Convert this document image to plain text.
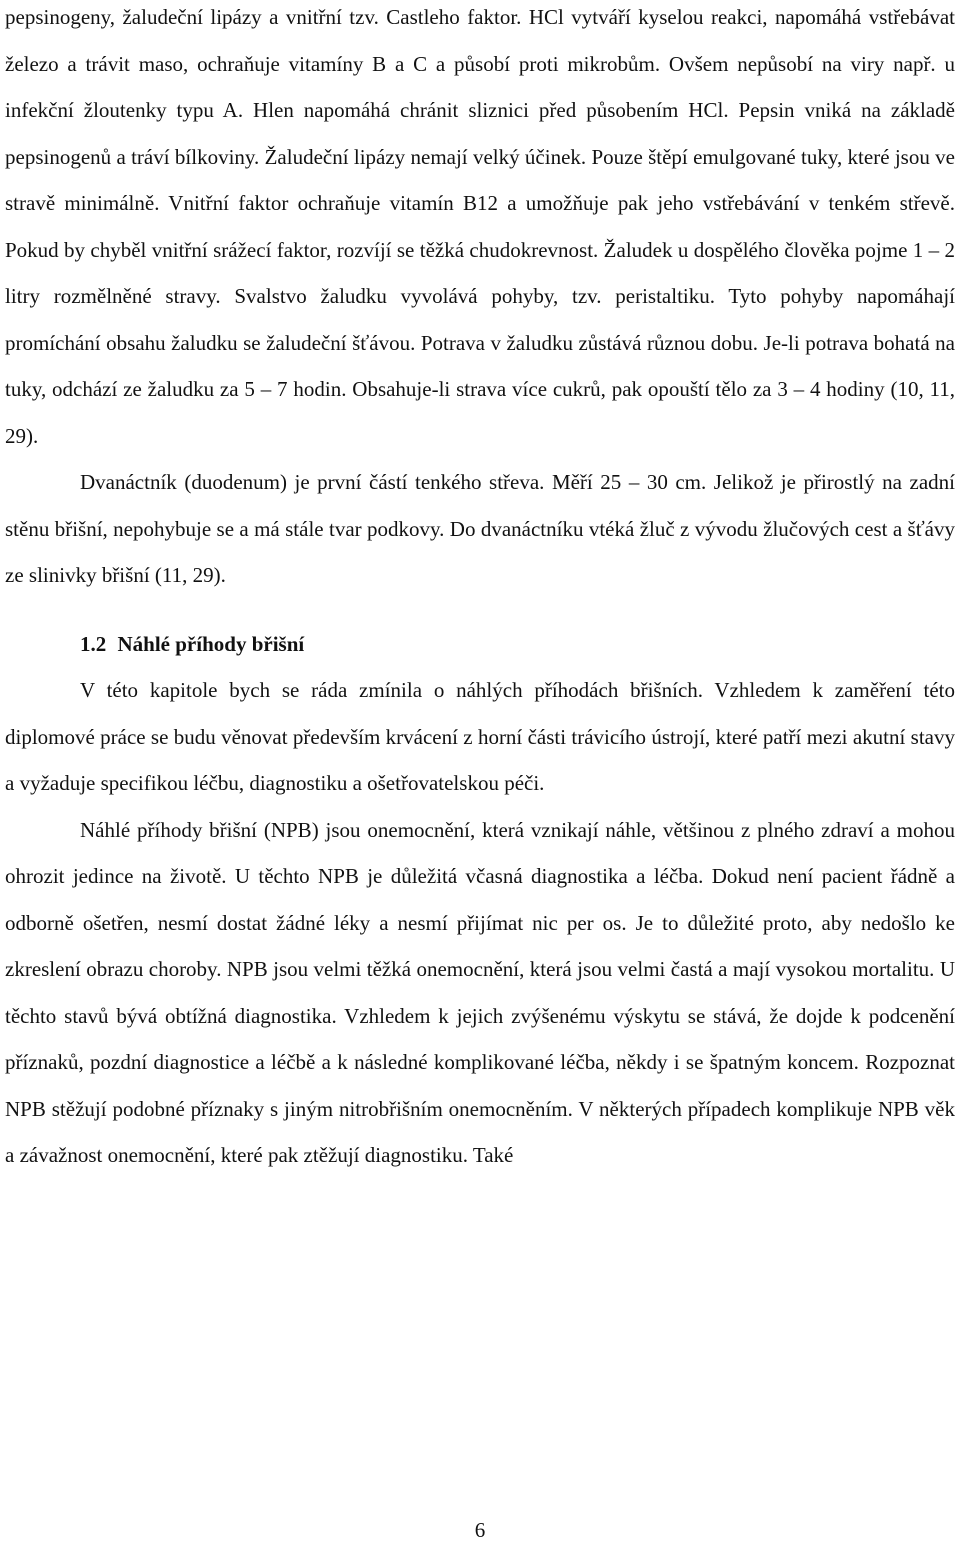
pepsinogeny, žaludeční lipázy a vnitřní tzv. Castleho faktor. HCl vytváří kyselou reakci, napomáhá vstřebávat železo a trávit maso, ochraňuje vitamíny B a C a působí proti mikrobům. Ovšem nepůsobí na viry např. u infekční žloutenky typu A. Hlen napomáhá chránit sliznici před působením HCl. Pepsin vniká na základě pepsinogenů a tráví bílkoviny. Žaludeční lipázy nemají velký účinek. Pouze štěpí emulgované tuky, které jsou ve stravě minimálně. Vnitřní faktor ochraňuje vitamín B12 a umožňuje pak jeho vstřebávání v tenkém střevě. Pokud by chyběl vnitřní srážecí faktor, rozvíjí se těžká chudokrevnost. Žaludek u dospělého člověka pojme 1 – 2 litry rozmělněné stravy. Svalstvo žaludku vyvolává pohyby, tzv. peristaltiku. Tyto pohyby napomáhají promíchání obsahu žaludku se žaludeční šťávou. Potrava v žaludku zůstává různou dobu. Je-li potrava bohatá na tuky, odchází ze žaludku za 5 – 7 hodin. Obsahuje-li strava více cukrů, pak opouští tělo za 3 – 4 hodiny (10, 11, 29).

Dvanáctník (duodenum) je první částí tenkého střeva. Měří 25 – 30 cm. Jelikož je přirostlý na zadní stěnu břišní, nepohybuje se a má stále tvar podkovy. Do dvanáctníku vtéká žluč z vývodu žlučových cest a šťávy ze slinivky břišní (11, 29).

1.2 Náhlé příhody břišní

V této kapitole bych se ráda zmínila o náhlých příhodách břišních. Vzhledem k zaměření této diplomové práce se budu věnovat především krvácení z horní části trávicího ústrojí, které patří mezi akutní stavy a vyžaduje specifikou léčbu, diagnostiku a ošetřovatelskou péči.

Náhlé příhody břišní (NPB) jsou onemocnění, která vznikají náhle, většinou z plného zdraví a mohou ohrozit jedince na životě. U těchto NPB je důležitá včasná diagnostika a léčba. Dokud není pacient řádně a odborně ošetřen, nesmí dostat žádné léky a nesmí přijímat nic per os. Je to důležité proto, aby nedošlo ke zkreslení obrazu choroby. NPB jsou velmi těžká onemocnění, která jsou velmi častá a mají vysokou mortalitu. U těchto stavů bývá obtížná diagnostika. Vzhledem k jejich zvýšenému výskytu se stává, že dojde k podcenění příznaků, pozdní diagnostice a léčbě a k následné komplikované léčba, někdy i se špatným koncem. Rozpoznat NPB stěžují podobné příznaky s jiným nitrobřišním onemocněním. V některých případech komplikuje NPB věk a závažnost onemocnění, které pak ztěžují diagnostiku. Také

6
